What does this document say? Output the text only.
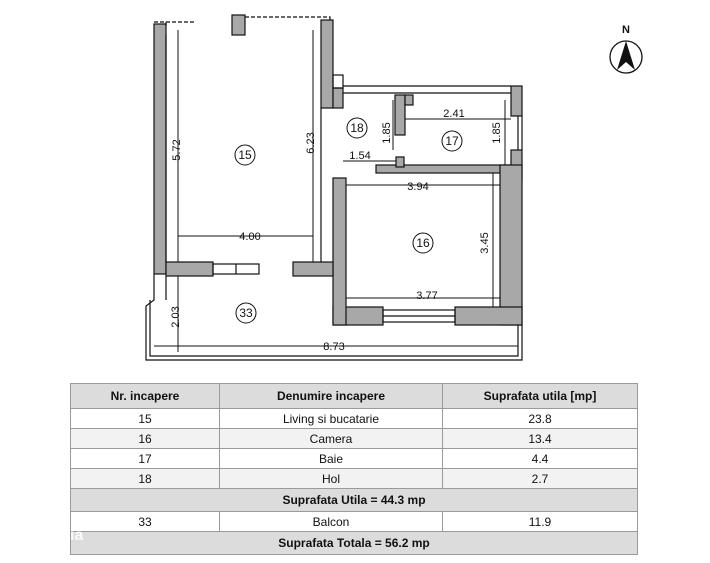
15
18
17
16
33
5.72	6.23	1.85
2.41
1.85
1.54
3.94
4.00	3.45
3.77
2.03
8.73
N
Nr. incapere	Denumire incapere	Suprafata utila [mp]
15	Living si bucatarie	23.8
16	Camera	13.4
17	Baie	4.4
18	Hol	2.7
Suprafata Utila = 44.3 mp		
33	Balcon	11.9
Suprafata Totala = 56.2 mp		
ia
